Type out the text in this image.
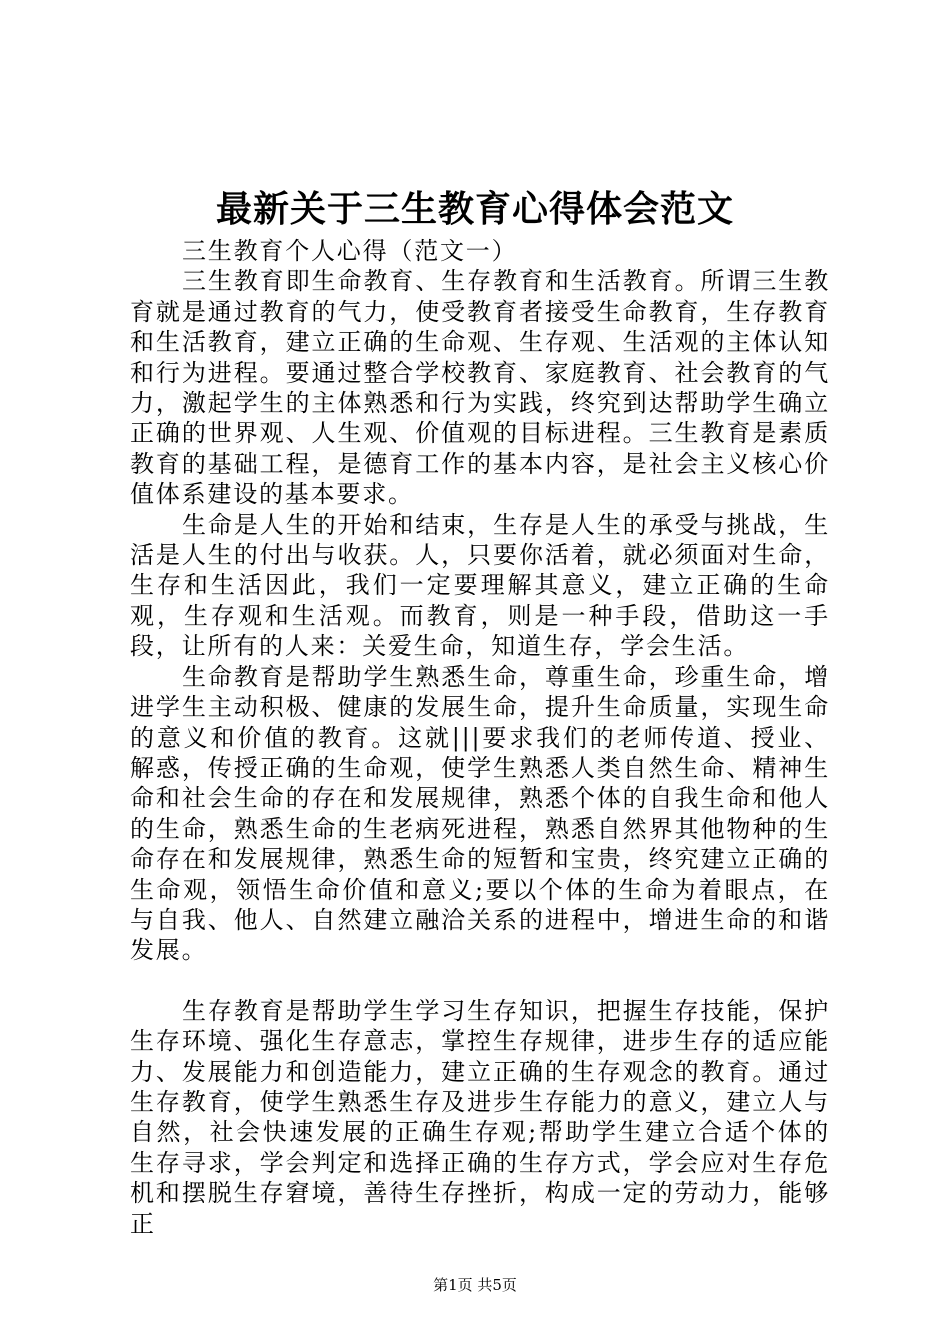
最新关于三生教育心得体会范文

三生教育个人心得（范文一）

三生教育即生命教育、生存教育和生活教育。所谓三生教育就是通过教育的气力，使受教育者接受生命教育，生存教育和生活教育，建立正确的生命观、生存观、生活观的主体认知和行为进程。要通过整合学校教育、家庭教育、社会教育的气力，激起学生的主体熟悉和行为实践，终究到达帮助学生确立正确的世界观、人生观、价值观的目标进程。三生教育是素质教育的基础工程，是德育工作的基本内容，是社会主义核心价值体系建设的基本要求。

生命是人生的开始和结束，生存是人生的承受与挑战，生活是人生的付出与收获。人，只要你活着，就必须面对生命，生存和生活因此，我们一定要理解其意义，建立正确的生命观，生存观和生活观。而教育，则是一种手段，借助这一手段，让所有的人来：关爱生命，知道生存，学会生活。

生命教育是帮助学生熟悉生命，尊重生命，珍重生命，增进学生主动积极、健康的发展生命，提升生命质量，实现生命的意义和价值的教育。这就|||要求我们的老师传道、授业、解惑，传授正确的生命观，使学生熟悉人类自然生命、精神生命和社会生命的存在和发展规律，熟悉个体的自我生命和他人的生命，熟悉生命的生老病死进程，熟悉自然界其他物种的生命存在和发展规律，熟悉生命的短暂和宝贵，终究建立正确的生命观，领悟生命价值和意义;要以个体的生命为着眼点，在与自我、他人、自然建立融洽关系的进程中，增进生命的和谐发展。

生存教育是帮助学生学习生存知识，把握生存技能，保护生存环境、强化生存意志，掌控生存规律，进步生存的适应能力、发展能力和创造能力，建立正确的生存观念的教育。通过生存教育，使学生熟悉生存及进步生存能力的意义，建立人与自然，社会快速发展的正确生存观;帮助学生建立合适个体的生存寻求，学会判定和选择正确的生存方式，学会应对生存危机和摆脱生存窘境，善待生存挫折，构成一定的劳动力，能够正

第1页 共5页
